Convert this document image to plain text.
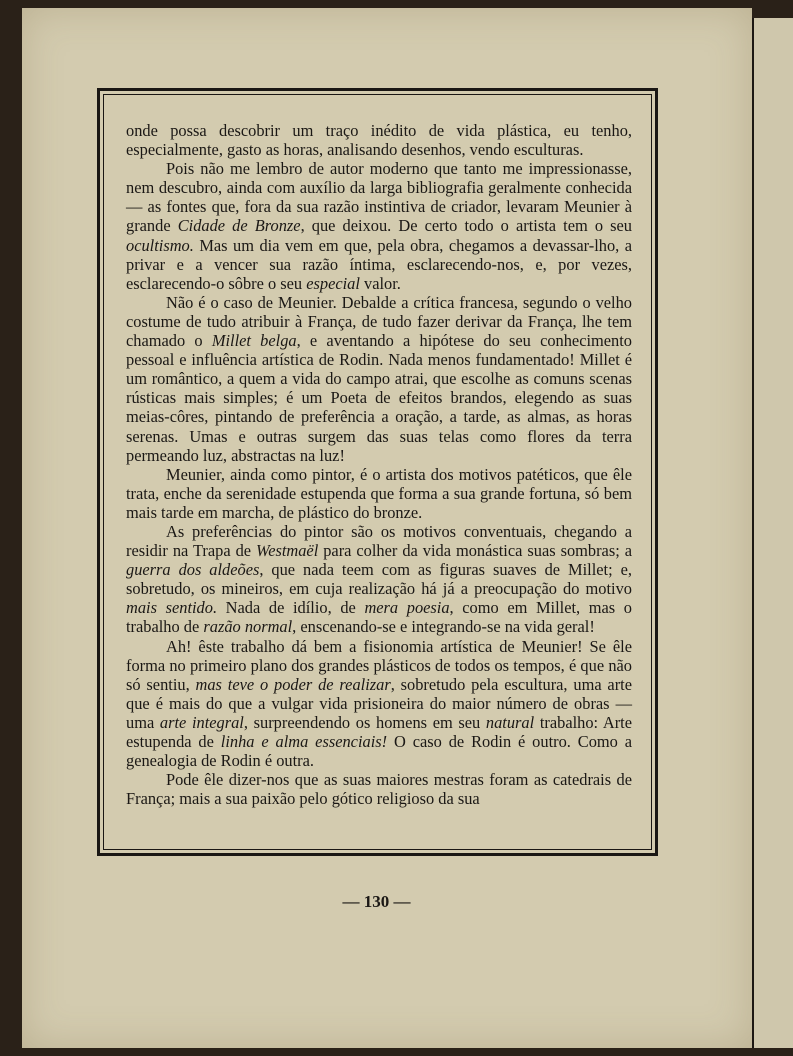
onde possa descobrir um traço inédito de vida plástica, eu tenho, especialmente, gasto as horas, analisando desenhos, vendo esculturas.

Pois não me lembro de autor moderno que tanto me impressionasse, nem descubro, ainda com auxílio da larga bibliografia geralmente conhecida — as fontes que, fora da sua razão instintiva de criador, levaram Meunier à grande Cidade de Bronze, que deixou. De certo todo o artista tem o seu ocultismo. Mas um dia vem em que, pela obra, chegamos a devassar-lho, a privar e a vencer sua razão íntima, esclarecendo-nos, e, por vezes, esclarecendo-o sôbre o seu especial valor.

Não é o caso de Meunier. Debalde a crítica francesa, segundo o velho costume de tudo atribuir à França, de tudo fazer derivar da França, lhe tem chamado o Millet belga, e aventando a hipótese do seu conhecimento pessoal e influência artística de Rodin. Nada menos fundamentado! Millet é um romântico, a quem a vida do campo atrai, que escolhe as comuns scenas rústicas mais simples; é um Poeta de efeitos brandos, elegendo as suas meias-côres, pintando de preferência a oração, a tarde, as almas, as horas serenas. Umas e outras surgem das suas telas como flores da terra permeando luz, abstractas na luz!

Meunier, ainda como pintor, é o artista dos motivos patéticos, que êle trata, enche da serenidade estupenda que forma a sua grande fortuna, só bem mais tarde em marcha, de plástico do bronze.

As preferências do pintor são os motivos conventuais, chegando a residir na Trapa de Westmaël para colher da vida monástica suas sombras; a guerra dos aldeões, que nada teem com as figuras suaves de Millet; e, sobretudo, os mineiros, em cuja realização há já a preocupação do motivo mais sentido. Nada de idílio, de mera poesia, como em Millet, mas o trabalho de razão normal, enscenando-se e integrando-se na vida geral!

Ah! êste trabalho dá bem a fisionomia artística de Meunier! Se êle forma no primeiro plano dos grandes plásticos de todos os tempos, é que não só sentiu, mas teve o poder de realizar, sobretudo pela escultura, uma arte que é mais do que a vulgar vida prisioneira do maior número de obras — uma arte integral, surpreendendo os homens em seu natural trabalho: Arte estupenda de linha e alma essenciais! O caso de Rodin é outro. Como a genealogia de Rodin é outra.

Pode êle dizer-nos que as suas maiores mestras foram as catedrais de França; mais a sua paixão pelo gótico religioso da sua

— 130 —
